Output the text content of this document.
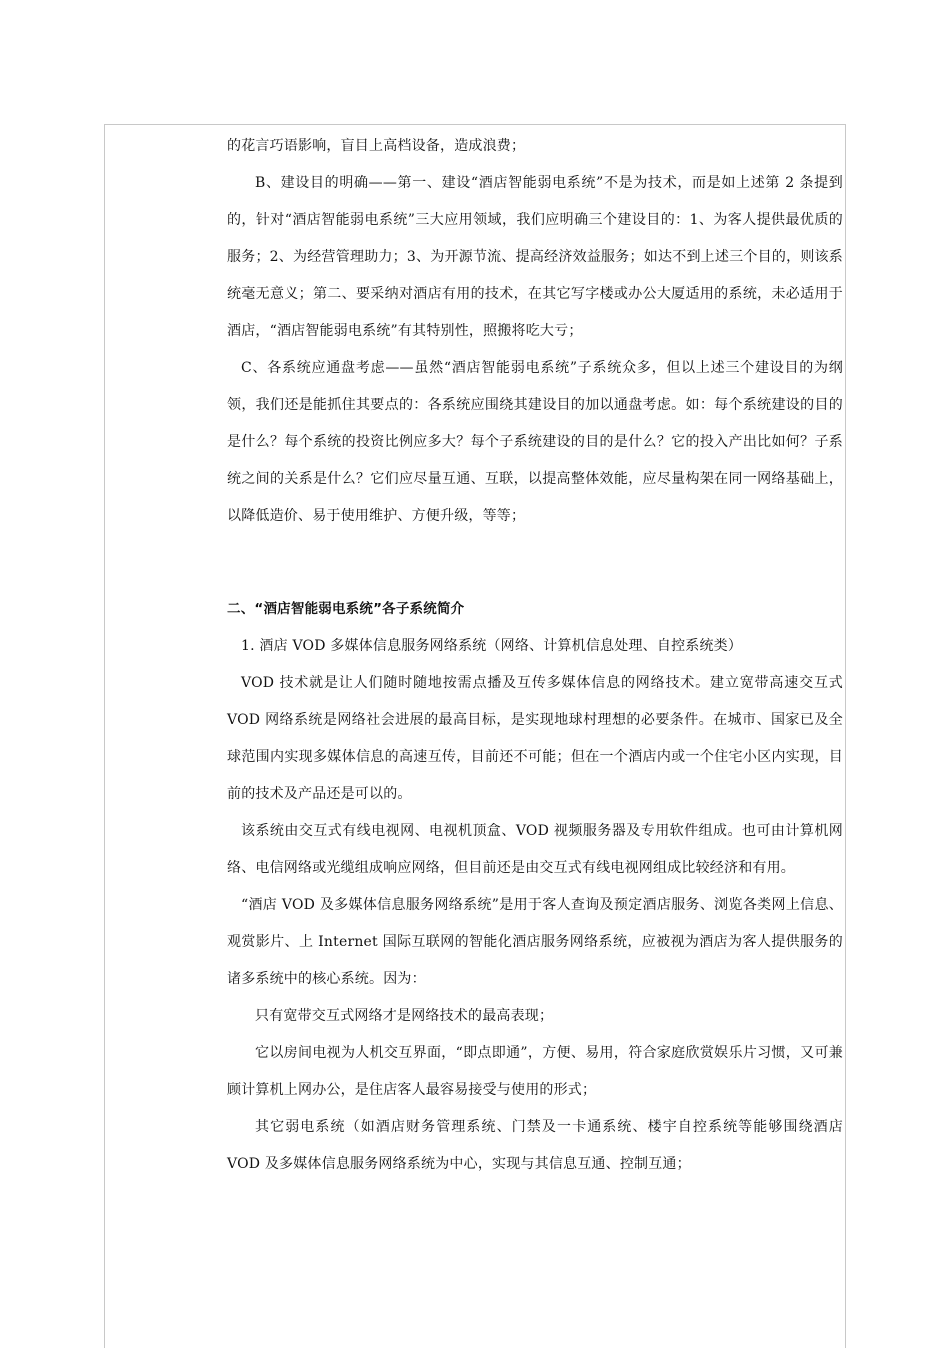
的花言巧语影响，盲目上高档设备，造成浪费；

B、建设目的明确——第一、建设“酒店智能弱电系统”不是为技术，而是如上述第 2 条提到的，针对“酒店智能弱电系统”三大应用领域，我们应明确三个建设目的：1、为客人提供最优质的服务；2、为经营管理助力；3、为开源节流、提高经济效益服务；如达不到上述三个目的，则该系统毫无意义；第二、要采纳对酒店有用的技术，在其它写字楼或办公大厦适用的系统，未必适用于酒店，“酒店智能弱电系统”有其特别性，照搬将吃大亏；

C、各系统应通盘考虑——虽然“酒店智能弱电系统”子系统众多，但以上述三个建设目的为纲领，我们还是能抓住其要点的：各系统应围绕其建设目的加以通盘考虑。如：每个系统建设的目的是什么？每个系统的投资比例应多大？每个子系统建设的目的是什么？它的投入产出比如何？子系统之间的关系是什么？它们应尽量互通、互联，以提高整体效能，应尽量构架在同一网络基础上，以降低造价、易于使用维护、方便升级，等等；

二、“酒店智能弱电系统”各子系统简介

1. 酒店 VOD 多媒体信息服务网络系统（网络、计算机信息处理、自控系统类）

VOD 技术就是让人们随时随地按需点播及互传多媒体信息的网络技术。建立宽带高速交互式 VOD 网络系统是网络社会进展的最高目标，是实现地球村理想的必要条件。在城市、国家已及全球范围内实现多媒体信息的高速互传，目前还不可能；但在一个酒店内或一个住宅小区内实现，目前的技术及产品还是可以的。

该系统由交互式有线电视网、电视机顶盒、VOD 视频服务器及专用软件组成。也可由计算机网络、电信网络或光缆组成响应网络，但目前还是由交互式有线电视网组成比较经济和有用。

“酒店 VOD 及多媒体信息服务网络系统”是用于客人查询及预定酒店服务、浏览各类网上信息、观赏影片、上 Internet 国际互联网的智能化酒店服务网络系统，应被视为酒店为客人提供服务的诸多系统中的核心系统。因为：

只有宽带交互式网络才是网络技术的最高表现；

它以房间电视为人机交互界面，“即点即通”，方便、易用，符合家庭欣赏娱乐片习惯，又可兼顾计算机上网办公，是住店客人最容易接受与使用的形式；

其它弱电系统（如酒店财务管理系统、门禁及一卡通系统、楼宇自控系统等能够围绕酒店 VOD 及多媒体信息服务网络系统为中心，实现与其信息互通、控制互通；
